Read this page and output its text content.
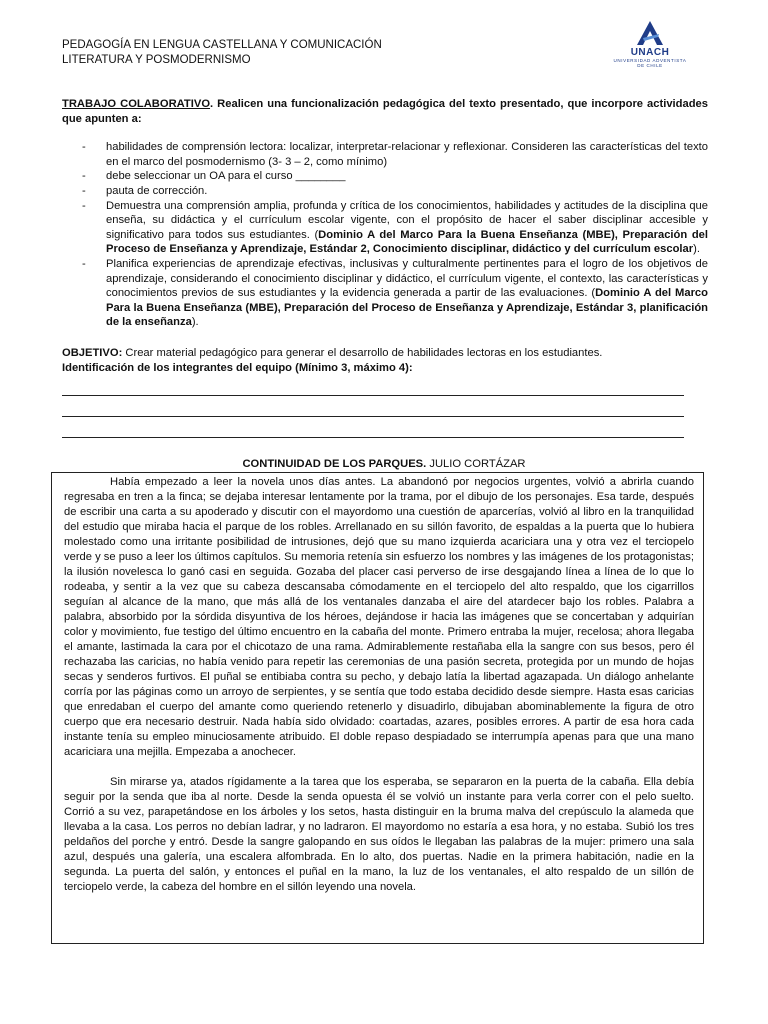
PEDAGOGÍA EN LENGUA CASTELLANA Y COMUNICACIÓN
LITERATURA Y POSMODERNISMO
UNACH
UNIVERSIDAD ADVENTISTA
DE CHILE

TRABAJO COLABORATIVO. Realicen una funcionalización pedagógica del texto presentado, que incorpore actividades que apunten a:

- habilidades de comprensión lectora: localizar, interpretar-relacionar y reflexionar. Consideren las características del texto en el marco del posmodernismo (3- 3 – 2, como mínimo)
- debe seleccionar un OA para el curso ________
- pauta de corrección.
- Demuestra una comprensión amplia, profunda y crítica de los conocimientos, habilidades y actitudes de la disciplina que enseña, su didáctica y el currículum escolar vigente, con el propósito de hacer el saber disciplinar accesible y significativo para todos sus estudiantes. (Dominio A del Marco Para la Buena Enseñanza (MBE), Preparación del Proceso de Enseñanza y Aprendizaje, Estándar 2, Conocimiento disciplinar, didáctico y del currículum escolar).
- Planifica experiencias de aprendizaje efectivas, inclusivas y culturalmente pertinentes para el logro de los objetivos de aprendizaje, considerando el conocimiento disciplinar y didáctico, el currículum vigente, el contexto, las características y conocimientos previos de sus estudiantes y la evidencia generada a partir de las evaluaciones. (Dominio A del Marco Para la Buena Enseñanza (MBE), Preparación del Proceso de Enseñanza y Aprendizaje, Estándar 3, planificación de la enseñanza).
OBJETIVO: Crear material pedagógico para generar el desarrollo de habilidades lectoras en los estudiantes.
Identificación de los integrantes del equipo (Mínimo 3, máximo 4):
CONTINUIDAD DE LOS PARQUES. JULIO CORTÁZAR

Había empezado a leer la novela unos días antes. La abandonó por negocios urgentes, volvió a abrirla cuando regresaba en tren a la finca; se dejaba interesar lentamente por la trama, por el dibujo de los personajes. Esa tarde, después de escribir una carta a su apoderado y discutir con el mayordomo una cuestión de aparcerías, volvió al libro en la tranquilidad del estudio que miraba hacia el parque de los robles. Arrellanado en su sillón favorito, de espaldas a la puerta que lo hubiera molestado como una irritante posibilidad de intrusiones, dejó que su mano izquierda acariciara una y otra vez el terciopelo verde y se puso a leer los últimos capítulos. Su memoria retenía sin esfuerzo los nombres y las imágenes de los protagonistas; la ilusión novelesca lo ganó casi en seguida. Gozaba del placer casi perverso de irse desgajando línea a línea de lo que lo rodeaba, y sentir a la vez que su cabeza descansaba cómodamente en el terciopelo del alto respaldo, que los cigarrillos seguían al alcance de la mano, que más allá de los ventanales danzaba el aire del atardecer bajo los robles. Palabra a palabra, absorbido por la sórdida disyuntiva de los héroes, dejándose ir hacia las imágenes que se concertaban y adquirían color y movimiento, fue testigo del último encuentro en la cabaña del monte. Primero entraba la mujer, recelosa; ahora llegaba el amante, lastimada la cara por el chicotazo de una rama. Admirablemente restañaba ella la sangre con sus besos, pero él rechazaba las caricias, no había venido para repetir las ceremonias de una pasión secreta, protegida por un mundo de hojas secas y senderos furtivos. El puñal se entibiaba contra su pecho, y debajo latía la libertad agazapada. Un diálogo anhelante corría por las páginas como un arroyo de serpientes, y se sentía que todo estaba decidido desde siempre. Hasta esas caricias que enredaban el cuerpo del amante como queriendo retenerlo y disuadirlo, dibujaban abominablemente la figura de otro cuerpo que era necesario destruir. Nada había sido olvidado: coartadas, azares, posibles errores. A partir de esa hora cada instante tenía su empleo minuciosamente atribuido. El doble repaso despiadado se interrumpía apenas para que una mano acariciara una mejilla. Empezaba a anochecer.

Sin mirarse ya, atados rígidamente a la tarea que los esperaba, se separaron en la puerta de la cabaña. Ella debía seguir por la senda que iba al norte. Desde la senda opuesta él se volvió un instante para verla correr con el pelo suelto. Corrió a su vez, parapetándose en los árboles y los setos, hasta distinguir en la bruma malva del crepúsculo la alameda que llevaba a la casa. Los perros no debían ladrar, y no ladraron. El mayordomo no estaría a esa hora, y no estaba. Subió los tres peldaños del porche y entró. Desde la sangre galopando en sus oídos le llegaban las palabras de la mujer: primero una sala azul, después una galería, una escalera alfombrada. En lo alto, dos puertas. Nadie en la primera habitación, nadie en la segunda. La puerta del salón, y entonces el puñal en la mano, la luz de los ventanales, el alto respaldo de un sillón de terciopelo verde, la cabeza del hombre en el sillón leyendo una novela.
